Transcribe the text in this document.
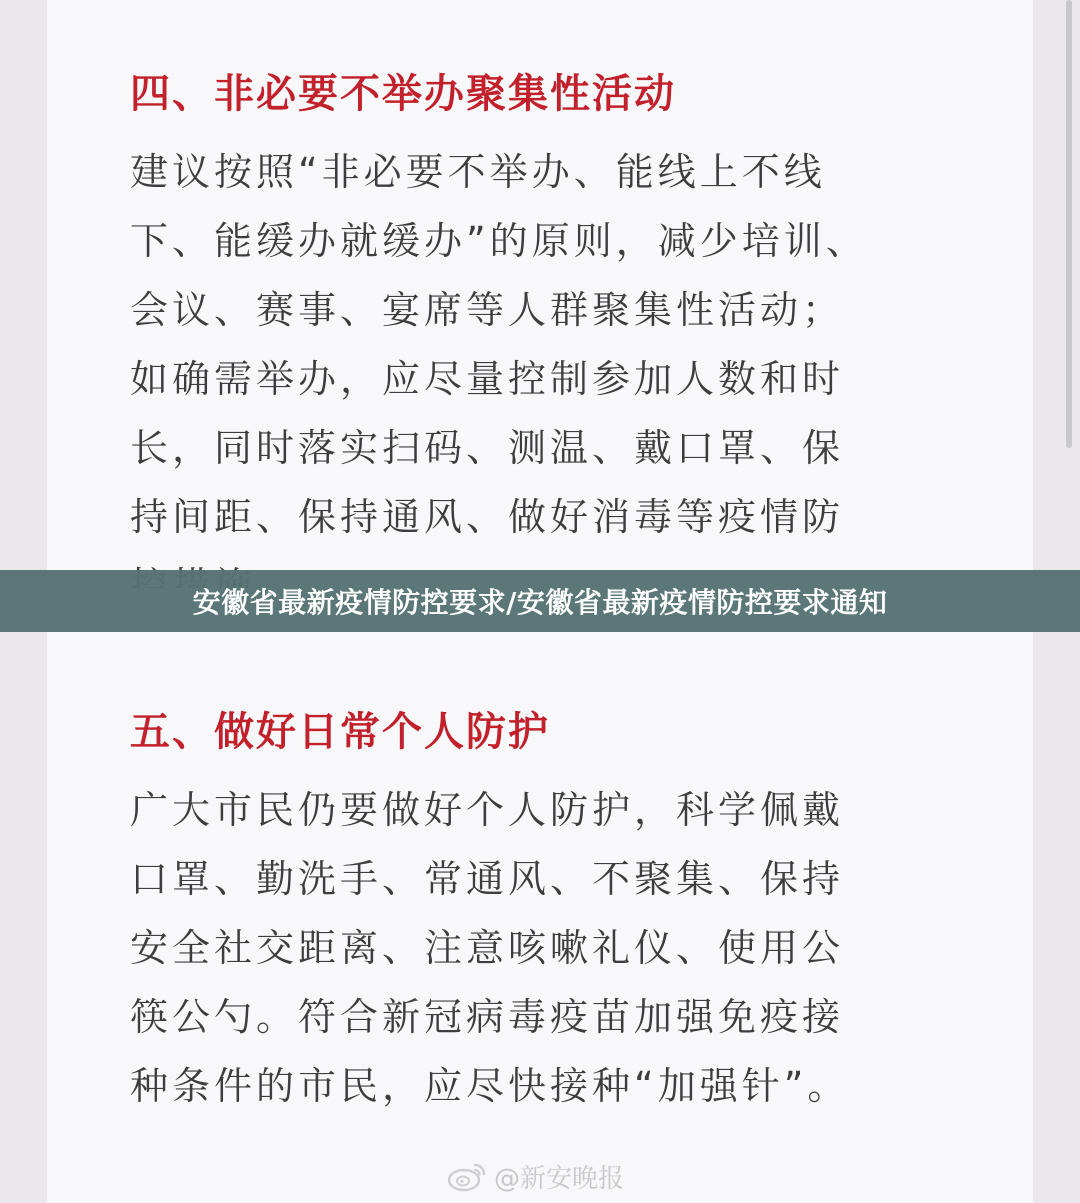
四、非必要不举办聚集性活动
建议按照“非必要不举办、能线上不线
下、能缓办就缓办”的原则，减少培训、
会议、赛事、宴席等人群聚集性活动；
如确需举办，应尽量控制参加人数和时
长，同时落实扫码、测温、戴口罩、保
持间距、保持通风、做好消毒等疫情防
五、做好日常个人防护
广大市民仍要做好个人防护，科学佩戴
口罩、勤洗手、常通风、不聚集、保持
安全社交距离、注意咳嗽礼仪、使用公
筷公勺。符合新冠病毒疫苗加强免疫接
种条件的市民，应尽快接种“加强针”。
安徽省最新疫情防控要求/安徽省最新疫情防控要求通知
@新安晚报
